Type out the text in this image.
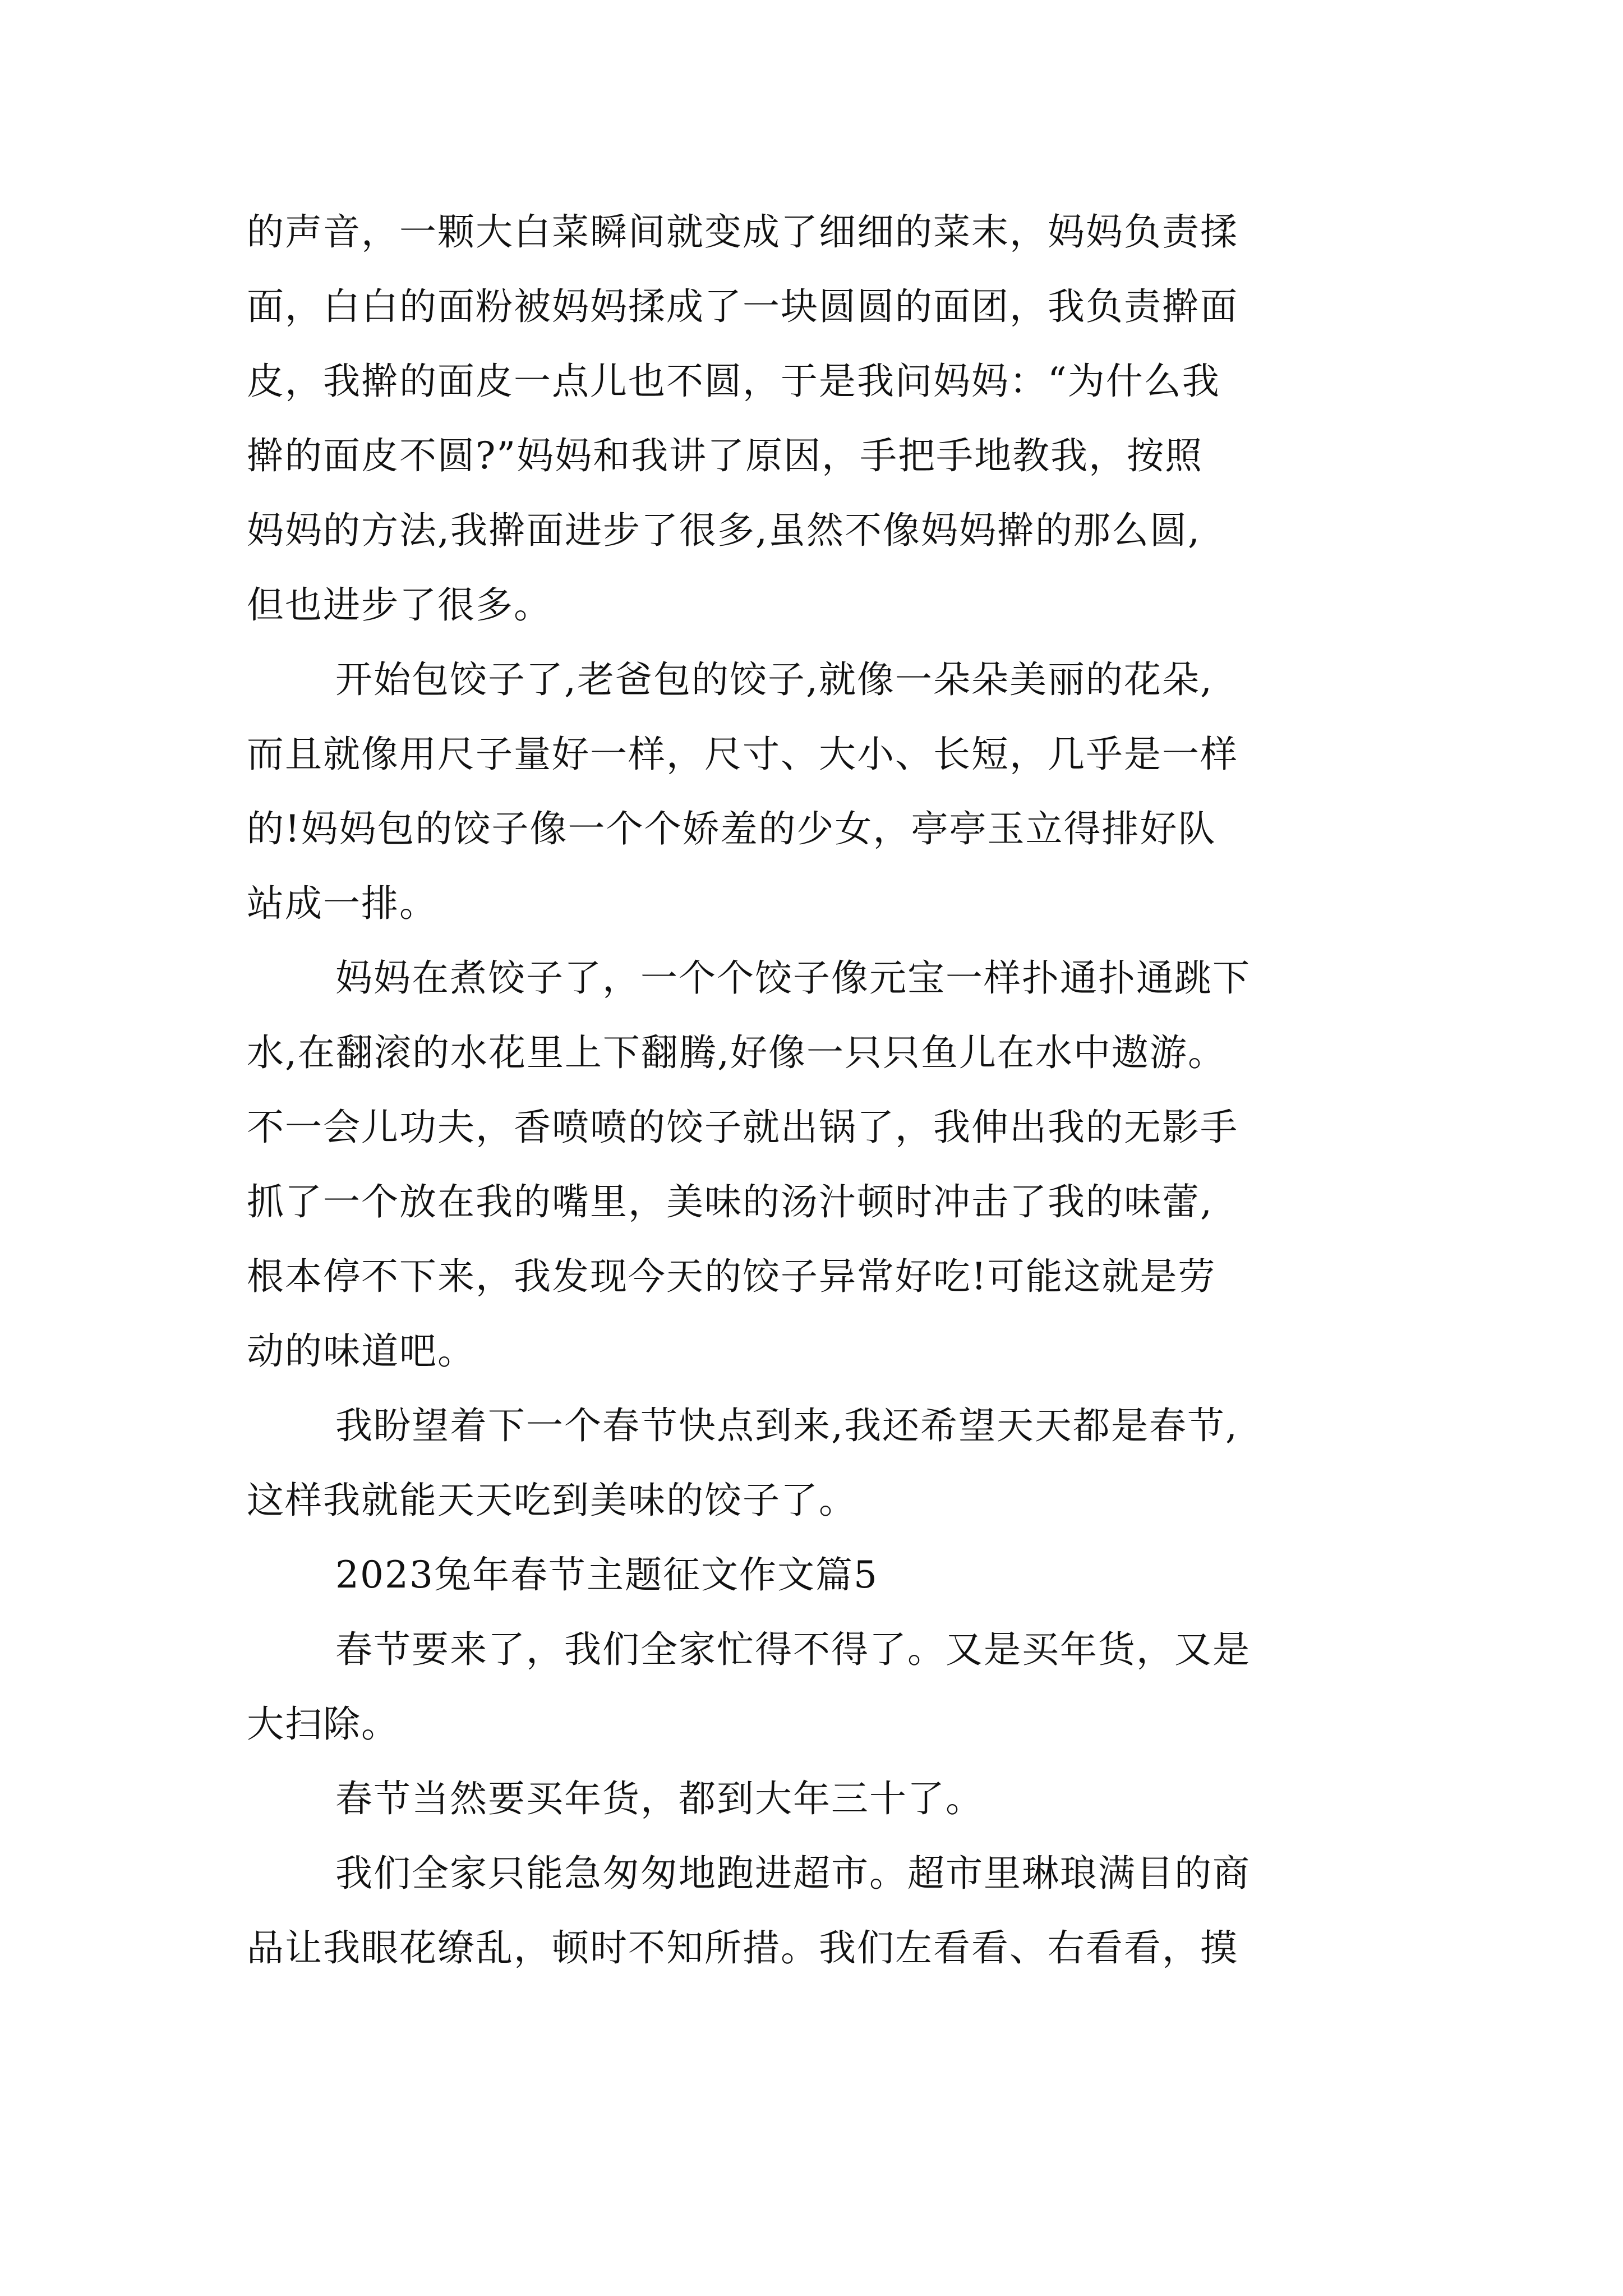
的声音，一颗大白菜瞬间就变成了细细的菜末，妈妈负责揉
面，白白的面粉被妈妈揉成了一块圆圆的面团，我负责擀面
皮，我擀的面皮一点儿也不圆，于是我问妈妈：“为什么我
擀的面皮不圆?”妈妈和我讲了原因，手把手地教我，按照
妈妈的方法,我擀面进步了很多,虽然不像妈妈擀的那么圆,
但也进步了很多。
开始包饺子了,老爸包的饺子,就像一朵朵美丽的花朵,
而且就像用尺子量好一样，尺寸、大小、长短，几乎是一样
的!妈妈包的饺子像一个个娇羞的少女，亭亭玉立得排好队
站成一排。
妈妈在煮饺子了，一个个饺子像元宝一样扑通扑通跳下
水,在翻滚的水花里上下翻腾,好像一只只鱼儿在水中遨游。
不一会儿功夫，香喷喷的饺子就出锅了，我伸出我的无影手
抓了一个放在我的嘴里，美味的汤汁顿时冲击了我的味蕾,
根本停不下来，我发现今天的饺子异常好吃!可能这就是劳
动的味道吧。
我盼望着下一个春节快点到来,我还希望天天都是春节,
这样我就能天天吃到美味的饺子了。
2023兔年春节主题征文作文篇5
春节要来了，我们全家忙得不得了。又是买年货，又是
大扫除。
春节当然要买年货，都到大年三十了。
我们全家只能急匆匆地跑进超市。超市里琳琅满目的商
品让我眼花缭乱，顿时不知所措。我们左看看、右看看，摸
